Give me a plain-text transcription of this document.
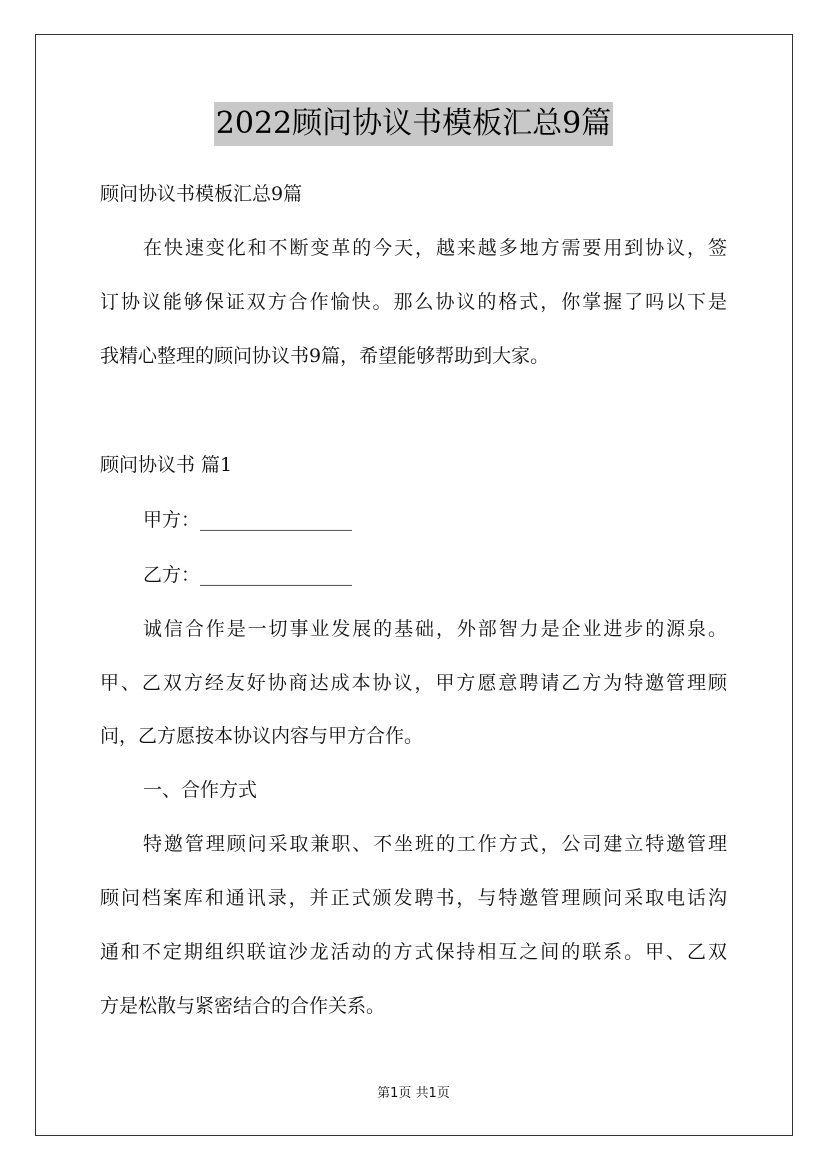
2022顾问协议书模板汇总9篇
顾问协议书模板汇总9篇
在快速变化和不断变革的今天，越来越多地方需要用到协议，签
订协议能够保证双方合作愉快。那么协议的格式，你掌握了吗以下是
我精心整理的顾问协议书9篇，希望能够帮助到大家。
顾问协议书 篇1
甲方：________________
乙方：________________
诚信合作是一切事业发展的基础，外部智力是企业进步的源泉。
甲、乙双方经友好协商达成本协议，甲方愿意聘请乙方为特邀管理顾
问，乙方愿按本协议内容与甲方合作。
一、合作方式
特邀管理顾问采取兼职、不坐班的工作方式，公司建立特邀管理
顾问档案库和通讯录，并正式颁发聘书，与特邀管理顾问采取电话沟
通和不定期组织联谊沙龙活动的方式保持相互之间的联系。甲、乙双
方是松散与紧密结合的合作关系。
第1页 共1页
